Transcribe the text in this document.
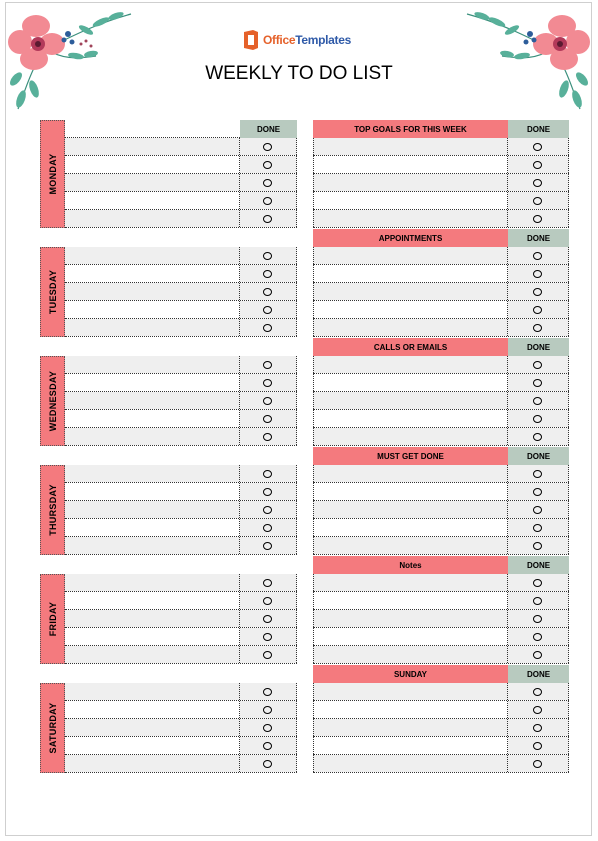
OfficeTemplates
WEEKLY TO DO LIST
MONDAY
DONE
TUESDAY
WEDNESDAY
THURSDAY
FRIDAY
SATURDAY
TOP GOALS FOR THIS WEEK	DONE
APPOINTMENTS	DONE
CALLS OR EMAILS	DONE
MUST GET DONE	DONE
Notes	DONE
SUNDAY	DONE
